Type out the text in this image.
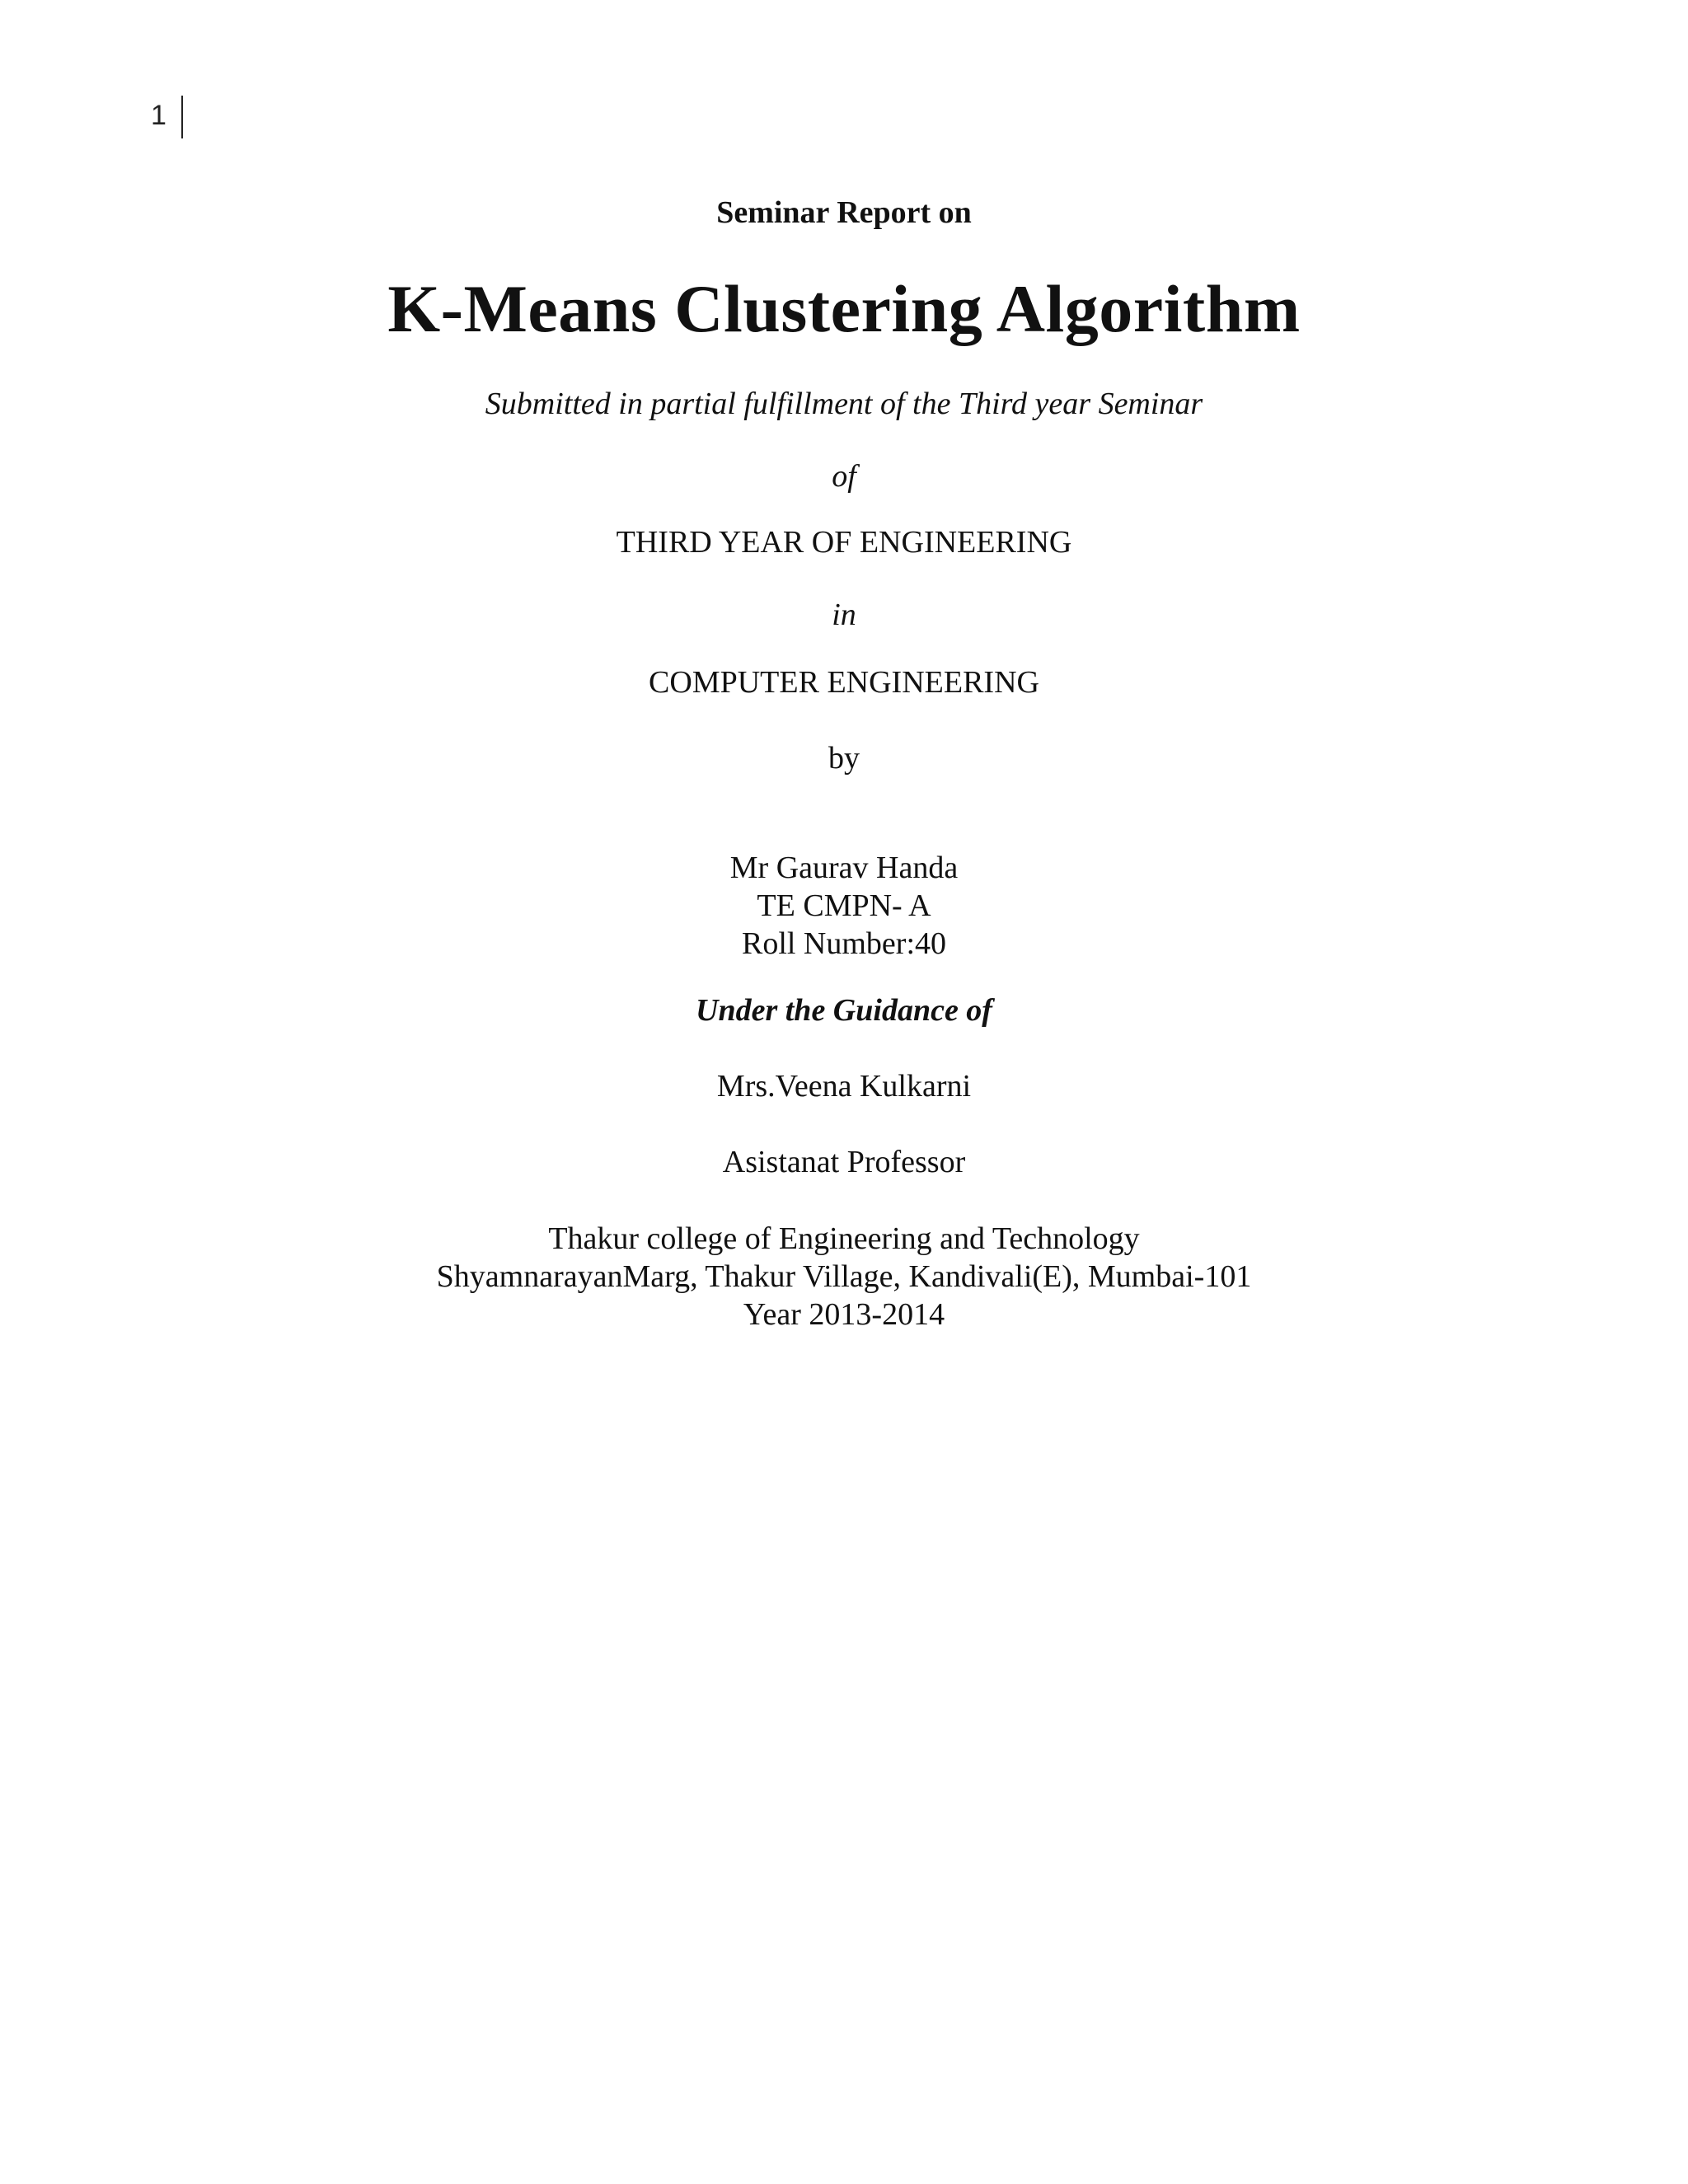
1
Seminar Report on
K-Means Clustering Algorithm
Submitted in partial fulfillment of the Third year Seminar
of
THIRD YEAR OF ENGINEERING
in
COMPUTER ENGINEERING
by
Mr Gaurav Handa
TE CMPN- A
Roll Number:40
Under the Guidance of
Mrs.Veena Kulkarni
Asistanat Professor
Thakur college of Engineering and Technology
ShyamnarayanMarg, Thakur Village, Kandivali(E), Mumbai-101
Year 2013-2014
